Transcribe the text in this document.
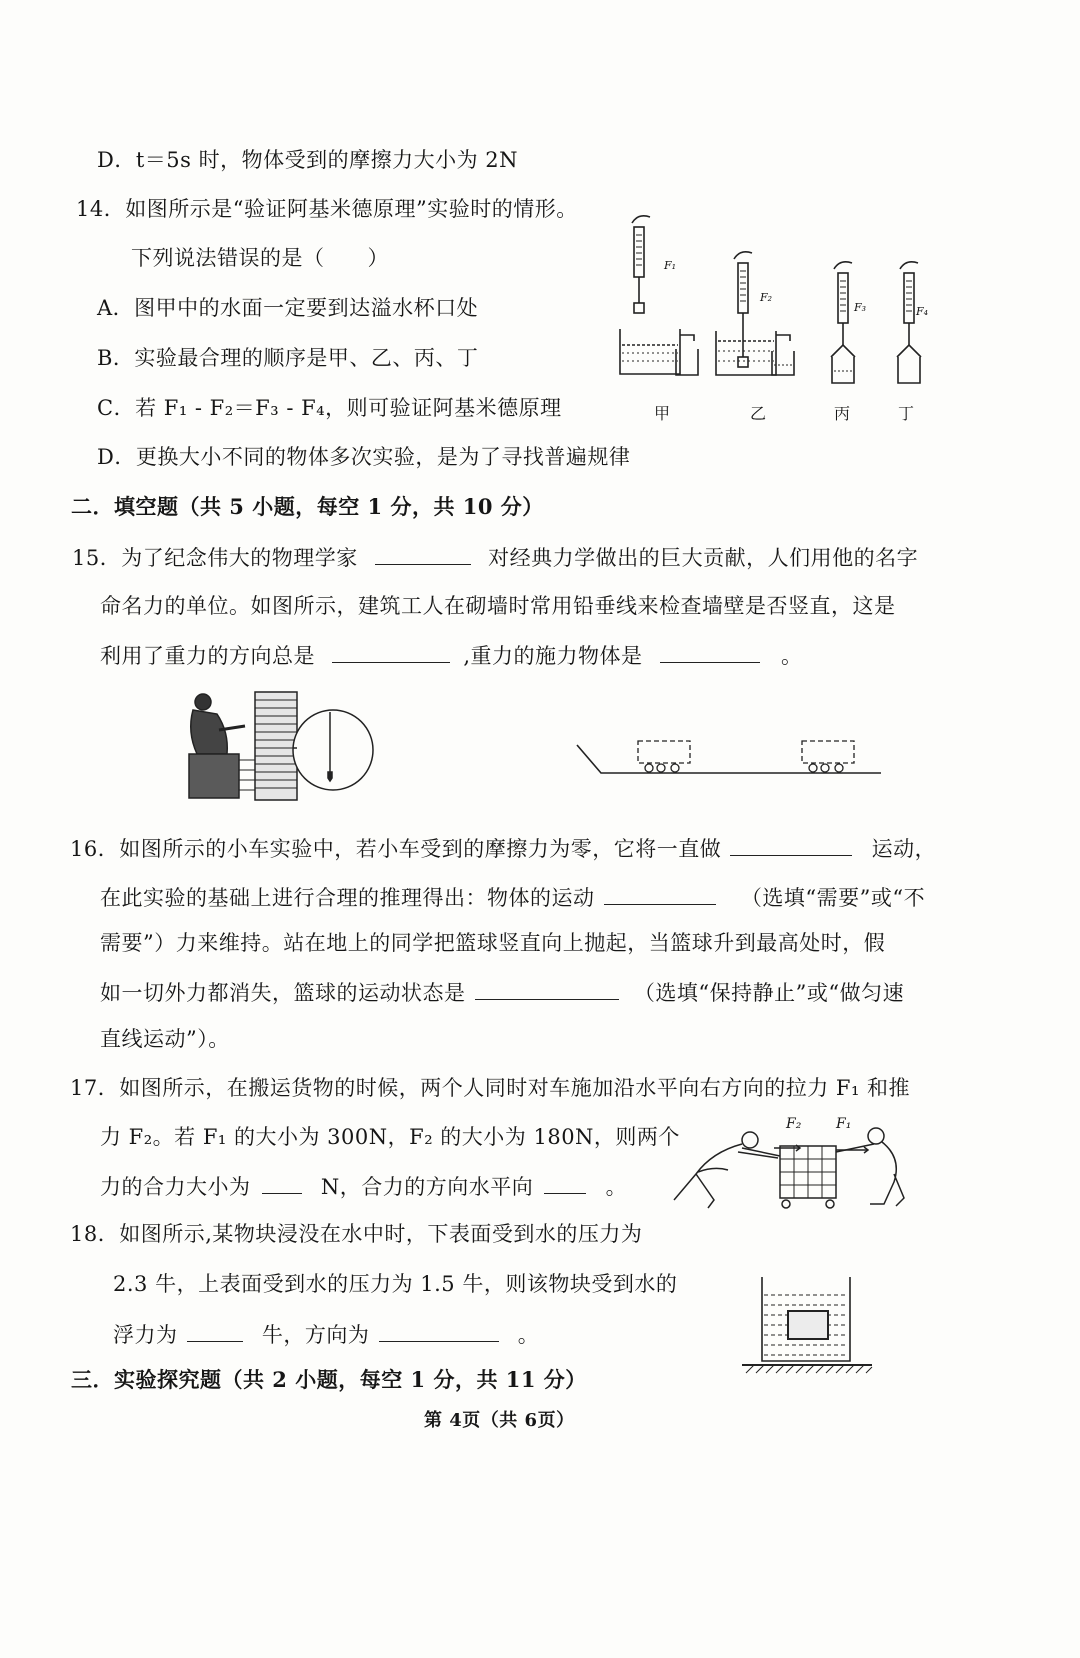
D．t＝5s 时，物体受到的摩擦力大小为 2N
14．如图所示是“验证阿基米德原理”实验时的情形。
下列说法错误的是（　　）
A．图甲中的水面一定要到达溢水杯口处
B．实验最合理的顺序是甲、乙、丙、丁
C．若 F₁ - F₂＝F₃ - F₄，则可验证阿基米德原理
D．更换大小不同的物体多次实验，是为了寻找普遍规律
F₁
F₂
F₃	F₄
甲	乙	丙	丁
二．填空题（共 5 小题，每空 1 分，共 10 分）
15．为了纪念伟大的物理学家	对经典力学做出的巨大贡献，人们用他的名字
命名力的单位。如图所示，建筑工人在砌墙时常用铅垂线来检查墙壁是否竖直，这是
利用了重力的方向总是	,重力的施力物体是	。
16．如图所示的小车实验中，若小车受到的摩擦力为零，它将一直做	运动，
在此实验的基础上进行合理的推理得出：物体的运动	（选填“需要”或“不
需要”）力来维持。站在地上的同学把篮球竖直向上抛起，当篮球升到最高处时，假
如一切外力都消失，篮球的运动状态是	（选填“保持静止”或“做匀速
直线运动”）。
17．如图所示，在搬运货物的时候，两个人同时对车施加沿水平向右方向的拉力 F₁ 和推
力 F₂。若 F₁ 的大小为 300N，F₂ 的大小为 180N，则两个
力的合力大小为	N，合力的方向水平向	。
F₂ F₁
18．如图所示,某物块浸没在水中时，下表面受到水的压力为
2.3 牛，上表面受到水的压力为 1.5 牛，则该物块受到水的
浮力为	牛，方向为	。
三．实验探究题（共 2 小题，每空 1 分，共 11 分）
第 4页（共 6页）
